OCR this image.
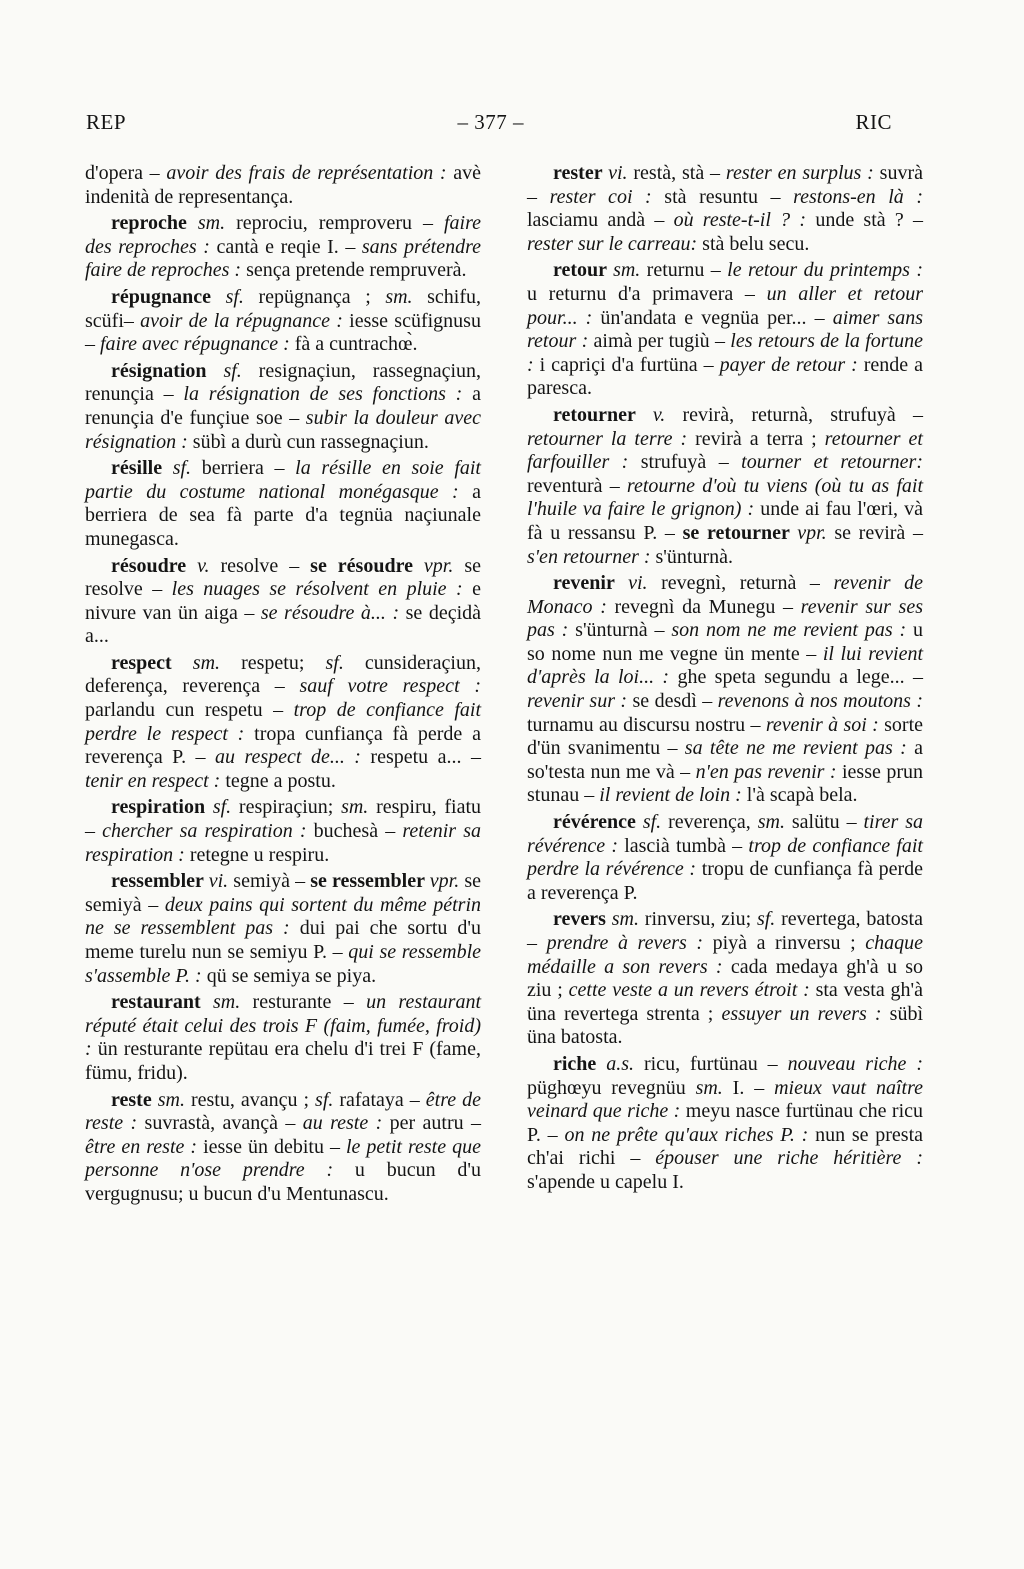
REP	– 377 –	RIC

d'opera – avoir des frais de représentation : avè indenità de representança.

reproche sm. reprociu, remproveru – faire des reproches : cantà e reqie I. – sans prétendre faire de reproches : sença pretende rempruverà.

répugnance sf. repügnança ; sm. schifu, scüfi– avoir de la répugnance : iesse scüfignusu – faire avec répugnance : fà a cuntrachœ̀.

résignation sf. resignaçiun, rassegnaçiun, renunçia – la résignation de ses fonctions : a renunçia d'e funçiue soe – subir la douleur avec résignation : sübì a durù cun rassegnaçiun.

résille sf. berriera – la résille en soie fait partie du costume national monégasque : a berriera de sea fà parte d'a tegnüa naçiunale munegasca.

résoudre v. resolve – se résoudre vpr. se resolve – les nuages se résolvent en pluie : e nivure van ün aiga – se résoudre à... : se deçidà a...

respect sm. respetu; sf. cunsideraçiun, deferença, reverença – sauf votre respect : parlandu cun respetu – trop de confiance fait perdre le respect : tropa cunfiança fà perde a reverença P. – au respect de... : respetu a... – tenir en respect : tegne a postu.

respiration sf. respiraçiun; sm. respiru, fiatu – chercher sa respiration : buchesà – retenir sa respiration : retegne u respiru.

ressembler vi. semiyà – se ressembler vpr. se semiyà – deux pains qui sortent du même pétrin ne se ressemblent pas : dui pai che sortu d'u meme turelu nun se semiyu P. – qui se ressemble s'assemble P. : qü se semiya se piya.

restaurant sm. resturante – un restaurant réputé était celui des trois F (faim, fumée, froid) : ün resturante repütau era chelu d'i trei F (fame, fümu, fridu).

reste sm. restu, avançu ; sf. rafataya – être de reste : suvrastà, avançà – au reste : per autru – être en reste : iesse ün debitu – le petit reste que personne n'ose prendre : u bucun d'u vergugnusu; u bucun d'u Mentunascu.

rester vi. restà, stà – rester en surplus : suvrà – rester coi : stà resuntu – restons-en là : lasciamu andà – où reste-t-il ? : unde stà ? – rester sur le carreau: stà belu secu.

retour sm. returnu – le retour du printemps : u returnu d'a primavera – un aller et retour pour... : ün'andata e vegnüa per... – aimer sans retour : aimà per tugiù – les retours de la fortune : i capriçi d'a furtüna – payer de retour : rende a paresca.

retourner v. revirà, returnà, strufuyà – retourner la terre : revirà a terra ; retourner et farfouiller : strufuyà – tourner et retourner: reventurà – retourne d'où tu viens (où tu as fait l'huile va faire le grignon) : unde ai fau l'œri, và fà u ressansu P. – se retourner vpr. se revirà – s'en retourner : s'ünturnà.

revenir vi. revegnì, returnà – revenir de Monaco : revegnì da Munegu – revenir sur ses pas : s'ünturnà – son nom ne me revient pas : u so nome nun me vegne ün mente – il lui revient d'après la loi... : ghe speta segundu a lege... – revenir sur : se desdì – revenons à nos moutons : turnamu au discursu nostru – revenir à soi : sorte d'ün svanimentu – sa tête ne me revient pas : a so'testa nun me và – n'en pas revenir : iesse prun stunau – il revient de loin : l'à scapà bela.

révérence sf. reverença, sm. salütu – tirer sa révérence : lascià tumbà – trop de confiance fait perdre la révérence : tropu de cunfiança fà perde a reverença P.

revers sm. rinversu, ziu; sf. revertega, batosta – prendre à revers : piyà a rinversu ; chaque médaille a son revers : cada medaya gh'à u so ziu ; cette veste a un revers étroit : sta vesta gh'à üna revertega strenta ; essuyer un revers : sübì üna batosta.

riche a.s. ricu, furtünau – nouveau riche : püghœyu revegnüu sm. I. – mieux vaut naître veinard que riche : meyu nasce furtünau che ricu P. – on ne prête qu'aux riches P. : nun se presta ch'ai richi – épouser une riche héritière : s'apende u capelu I.
